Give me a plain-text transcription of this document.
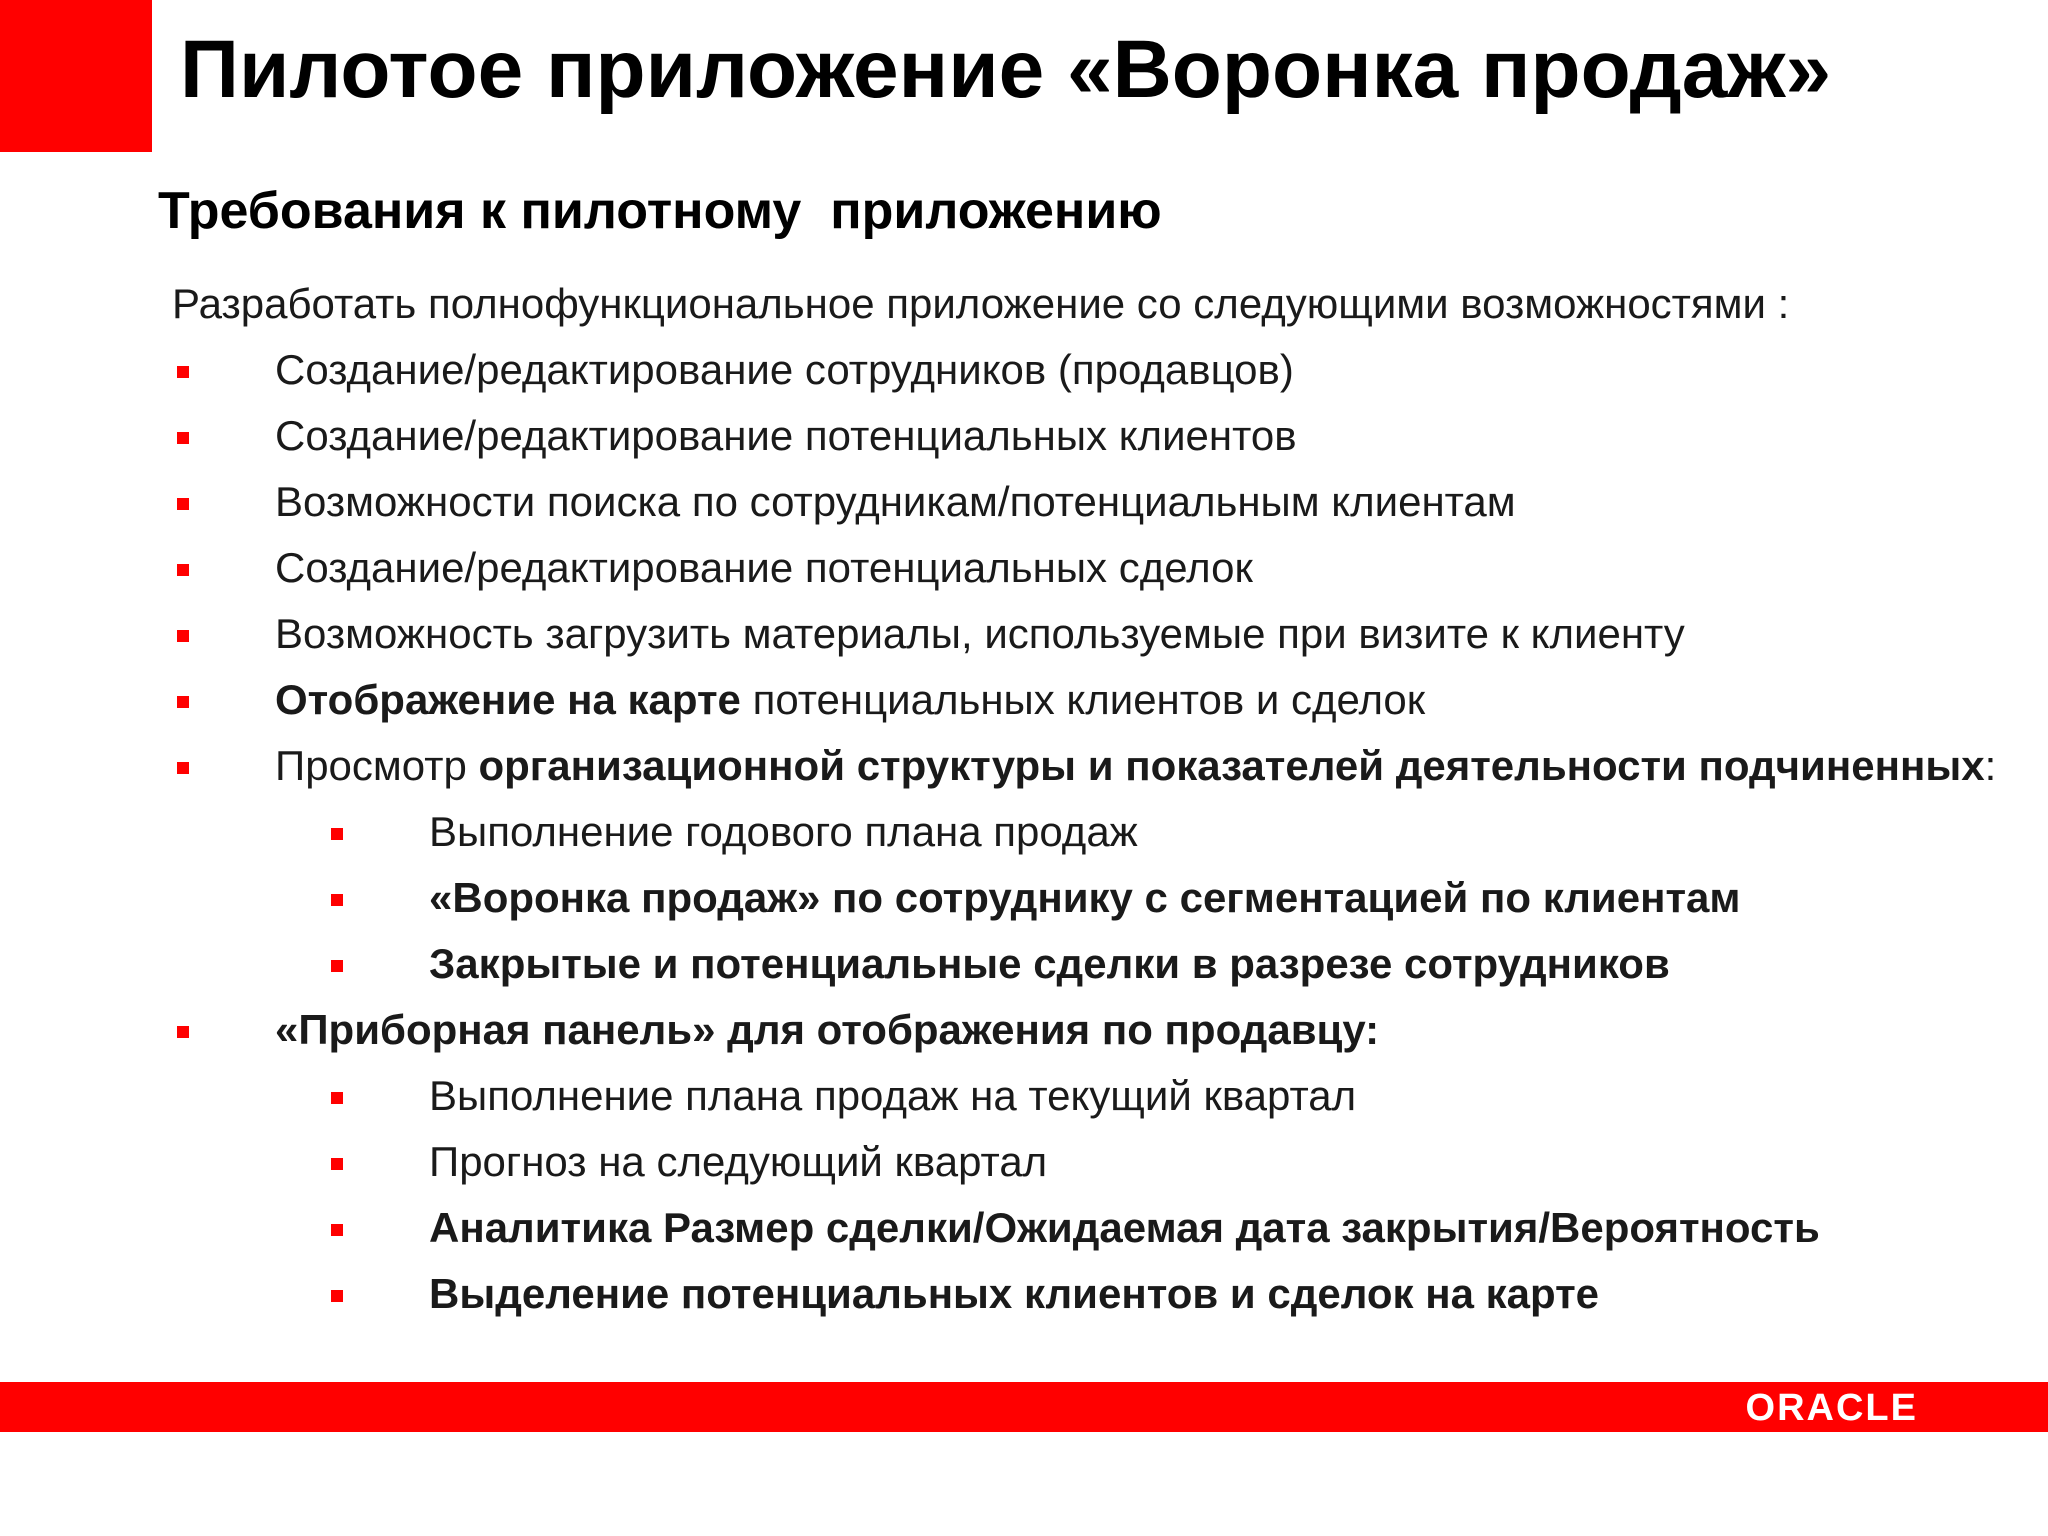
Пилотое приложение «Воронка продаж»
Требования к пилотному  приложению
Разработать полнофункциональное приложение со следующими возможностями :
Создание/редактирование сотрудников (продавцов)
Создание/редактирование потенциальных клиентов
Возможности поиска по сотрудникам/потенциальным клиентам
Создание/редактирование потенциальных сделок
Возможность загрузить материалы, используемые при визите к клиенту
Отображение на карте потенциальных клиентов и сделок
Просмотр организационной структуры и показателей деятельности подчиненных:
Выполнение годового плана продаж
«Воронка продаж» по сотруднику с сегментацией по клиентам
Закрытые и потенциальные сделки в разрезе сотрудников
«Приборная панель» для отображения по продавцу:
Выполнение плана продаж на текущий квартал
Прогноз на следующий квартал
Аналитика Размер сделки/Ожидаемая дата закрытия/Вероятность
Выделение потенциальных клиентов и сделок на карте
ORACLE
